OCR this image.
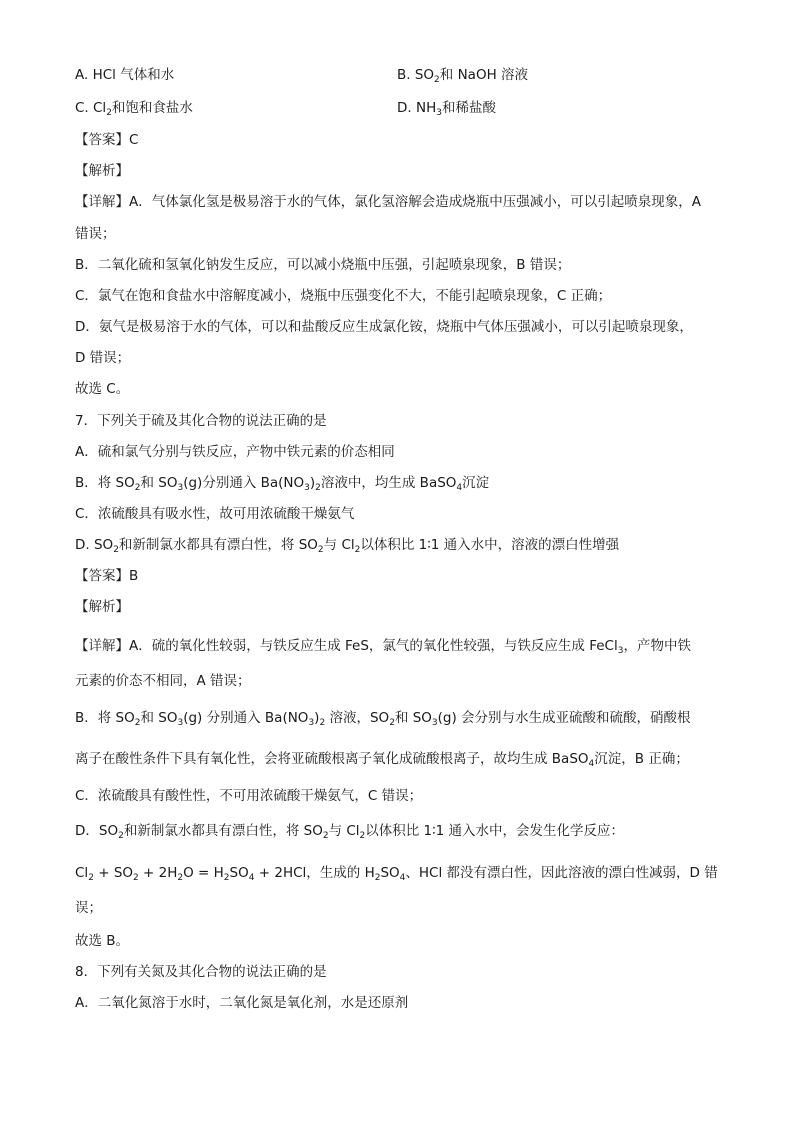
A. HCl 气体和水	B. $SO_2$和 NaOH 溶液
C. $Cl_2$和饱和食盐水	D. $NH_3$和稀盐酸
【答案】C
【解析】
【详解】A．气体氯化氢是极易溶于水的气体，氯化氢溶解会造成烧瓶中压强减小，可以引起喷泉现象，A
错误；
B．二氧化硫和氢氧化钠发生反应，可以减小烧瓶中压强，引起喷泉现象，B 错误；
C．氯气在饱和食盐水中溶解度减小，烧瓶中压强变化不大，不能引起喷泉现象，C 正确；
D．氨气是极易溶于水的气体，可以和盐酸反应生成氯化铵，烧瓶中气体压强减小，可以引起喷泉现象，
D 错误；
故选 C。
7．下列关于硫及其化合物的说法正确的是
A．硫和氯气分别与铁反应，产物中铁元素的价态相同
B．将 $SO_2$和 $SO_3(g)$分别通入 $Ba(NO_3)_2$溶液中，均生成 BaSO$_4$沉淀
C．浓硫酸具有吸水性，故可用浓硫酸干燥氨气
D. $SO_2$和新制氯水都具有漂白性，将 $SO_2$与 $Cl_2$以体积比 1∶1 通入水中，溶液的漂白性增强
【答案】B
【解析】
【详解】A．硫的氧化性较弱，与铁反应生成 FeS，氯气的氧化性较强，与铁反应生成 FeCl$_3$，产物中铁
元素的价态不相同，A 错误；
B．将 $SO_2$和 $SO_3(g)$ 分别通入 $Ba(NO_3)_2$ 溶液，$SO_2$和 $SO_3(g)$ 会分别与水生成亚硫酸和硫酸，硝酸根
离子在酸性条件下具有氧化性，会将亚硫酸根离子氧化成硫酸根离子，故均生成 BaSO$_4$沉淀，B 正确；
C．浓硫酸具有酸性性，不可用浓硫酸干燥氨气，C 错误；
D．$SO_2$和新制氯水都具有漂白性，将 $SO_2$与 $Cl_2$以体积比 1∶1 通入水中，会发生化学反应：
$Cl_2 + SO_2 + 2H_2O = H_2SO_4 + 2HCl$，生成的 $H_2SO_4$、HCl 都没有漂白性，因此溶液的漂白性减弱，D 错
误；
故选 B。
8．下列有关氮及其化合物的说法正确的是
A．二氧化氮溶于水时，二氧化氮是氧化剂，水是还原剂
